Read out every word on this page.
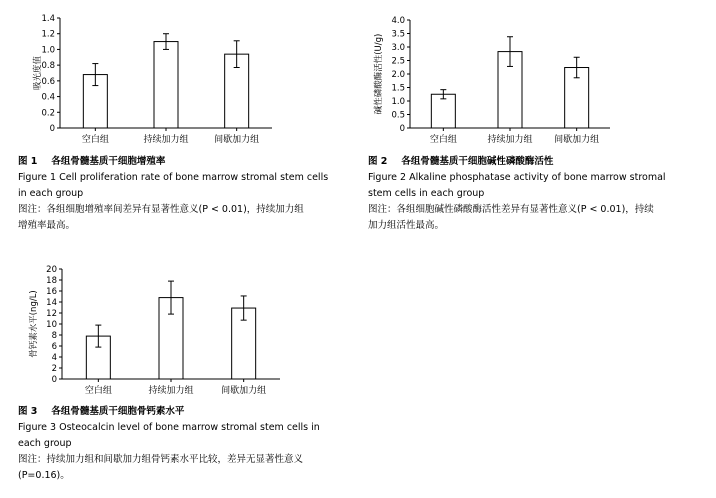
0
0.2
0.4
0.6
0.8
1.0
1.2
1.4
吸光度值
空白组	持续加力组	间歇加力组
0
0.5
1.0
1.5
2.0
2.5
3.0
3.5
4.0
碱性磷酸酶活性(U/g)
空白组	持续加力组 间歇加力组
0
2
4
6
8
10
12
14
16
18
20
骨钙素水平(ng/L)
空白组	持续加力组	间歇加力组
图 1 各组骨髓基质干细胞增殖率
Figure 1 Cell proliferation rate of bone marrow stromal stem cells
in each group
图注：各组细胞增殖率间差异有显著性意义(P < 0.01)，持续加力组
增殖率最高。
图 2 各组骨髓基质干细胞碱性磷酸酶活性
Figure 2 Alkaline phosphatase activity of bone marrow stromal
stem cells in each group
图注：各组细胞碱性磷酸酶活性差异有显著性意义(P < 0.01)，持续
加力组活性最高。
图 3 各组骨髓基质干细胞骨钙素水平
Figure 3 Osteocalcin level of bone marrow stromal stem cells in
each group
图注：持续加力组和间歇加力组骨钙素水平比较，差异无显著性意义
(P=0.16)。
